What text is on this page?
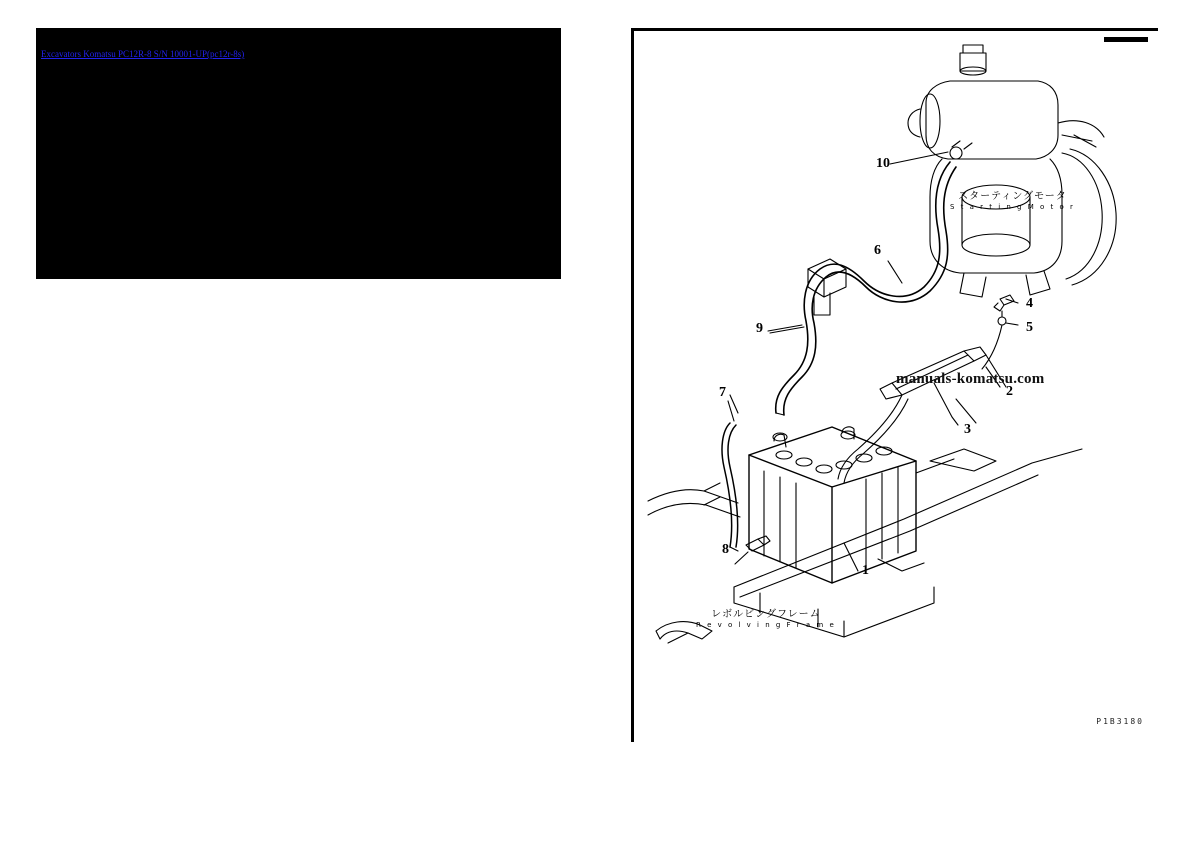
Excavators Komatsu PC12R-8 S/N 10001-UP(pc12r-8s)
1
2
3
4
5
6
7
8
9
10
manuals-komatsu.com
スターティングモータ
S t a r t i n g M o t o r
レボルビングフレーム
R e v o l v i n g F r a m e
P1B3180
